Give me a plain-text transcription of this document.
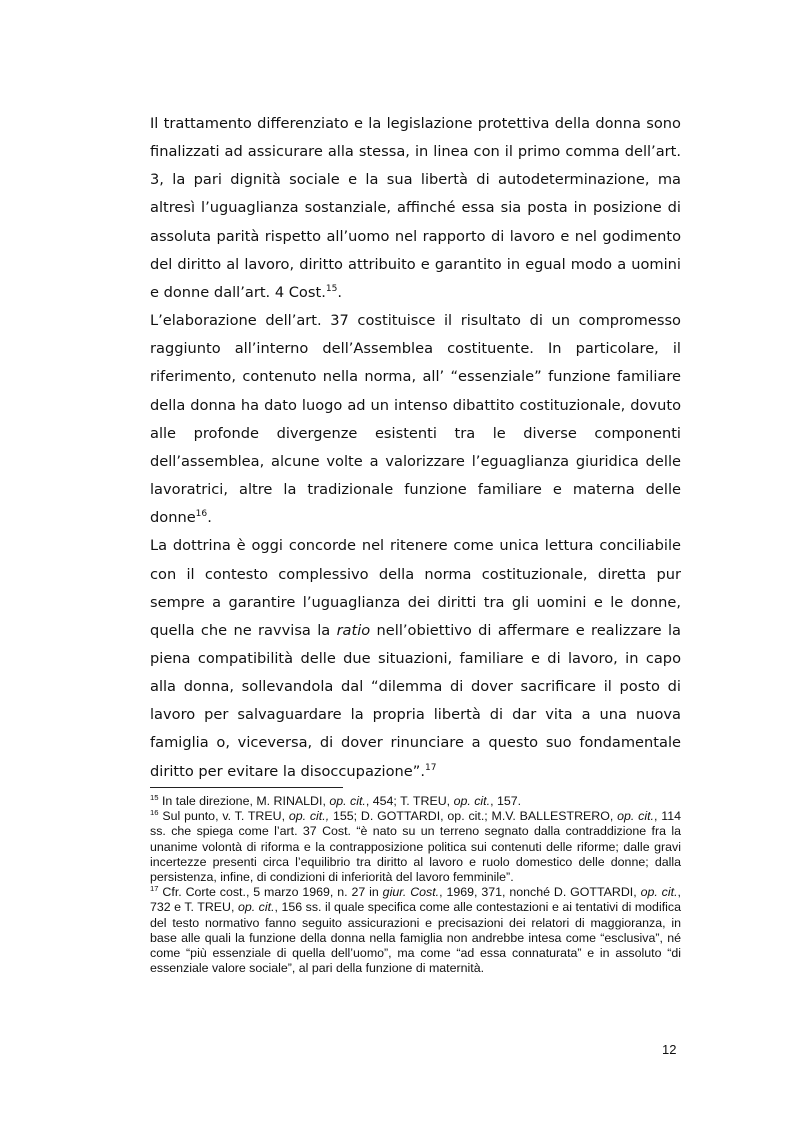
Il trattamento differenziato e la legislazione protettiva della donna sono finalizzati ad assicurare alla stessa, in linea con il primo comma dell’art. 3, la pari dignità sociale e la sua libertà di autodeterminazione, ma altresì l’uguaglianza sostanziale, affinché essa sia posta in posizione di assoluta parità rispetto all’uomo nel rapporto di lavoro e nel godimento del diritto al lavoro, diritto attribuito e garantito in egual modo a uomini e donne dall’art. 4 Cost.$^{15}$.

L’elaborazione dell’art. 37 costituisce il risultato di un compromesso raggiunto all’interno dell’Assemblea costituente. In particolare, il riferimento, contenuto nella norma, all’ “essenziale” funzione familiare della donna ha dato luogo ad un intenso dibattito costituzionale, dovuto alle profonde divergenze esistenti tra le diverse componenti dell’assemblea, alcune volte a valorizzare l’eguaglianza giuridica delle lavoratrici, altre la tradizionale funzione familiare e materna delle donne$^{16}$.

La dottrina è oggi concorde nel ritenere come unica lettura conciliabile con il contesto complessivo della norma costituzionale, diretta pur sempre a garantire l’uguaglianza dei diritti tra gli uomini e le donne, quella che ne ravvisa la ratio nell’obiettivo di affermare e realizzare la piena compatibilità delle due situazioni, familiare e di lavoro, in capo alla donna, sollevandola dal “dilemma di dover sacrificare il posto di lavoro per salvaguardare la propria libertà di dar vita a una nuova famiglia o, viceversa, di dover rinunciare a questo suo fondamentale diritto per evitare la disoccupazione”.$^{17}$

$^{15}$ In tale direzione, M. RINALDI, op. cit., 454; T. TREU, op. cit., 157.

$^{16}$ Sul punto, v. T. TREU, op. cit., 155; D. GOTTARDI, op. cit.; M.V. BALLESTRERO, op. cit., 114 ss. che spiega come l’art. 37 Cost. “è nato su un terreno segnato dalla contraddizione fra la unanime volontà di riforma e la contrapposizione politica sui contenuti delle riforme; dalle gravi incertezze presenti circa l’equilibrio tra diritto al lavoro e ruolo domestico delle donne; dalla persistenza, infine, di condizioni di inferiorità del lavoro femminile”.

$^{17}$ Cfr. Corte cost., 5 marzo 1969, n. 27 in giur. Cost., 1969, 371, nonché D. GOTTARDI, op. cit., 732 e T. TREU, op. cit., 156 ss. il quale specifica come alle contestazioni e ai tentativi di modifica del testo normativo fanno seguito assicurazioni e precisazioni dei relatori di maggioranza, in base alle quali la funzione della donna nella famiglia non andrebbe intesa come “esclusiva”, né come “più essenziale di quella dell’uomo”, ma come “ad essa connaturata” e in assoluto “di essenziale valore sociale”, al pari della funzione di maternità.

12
